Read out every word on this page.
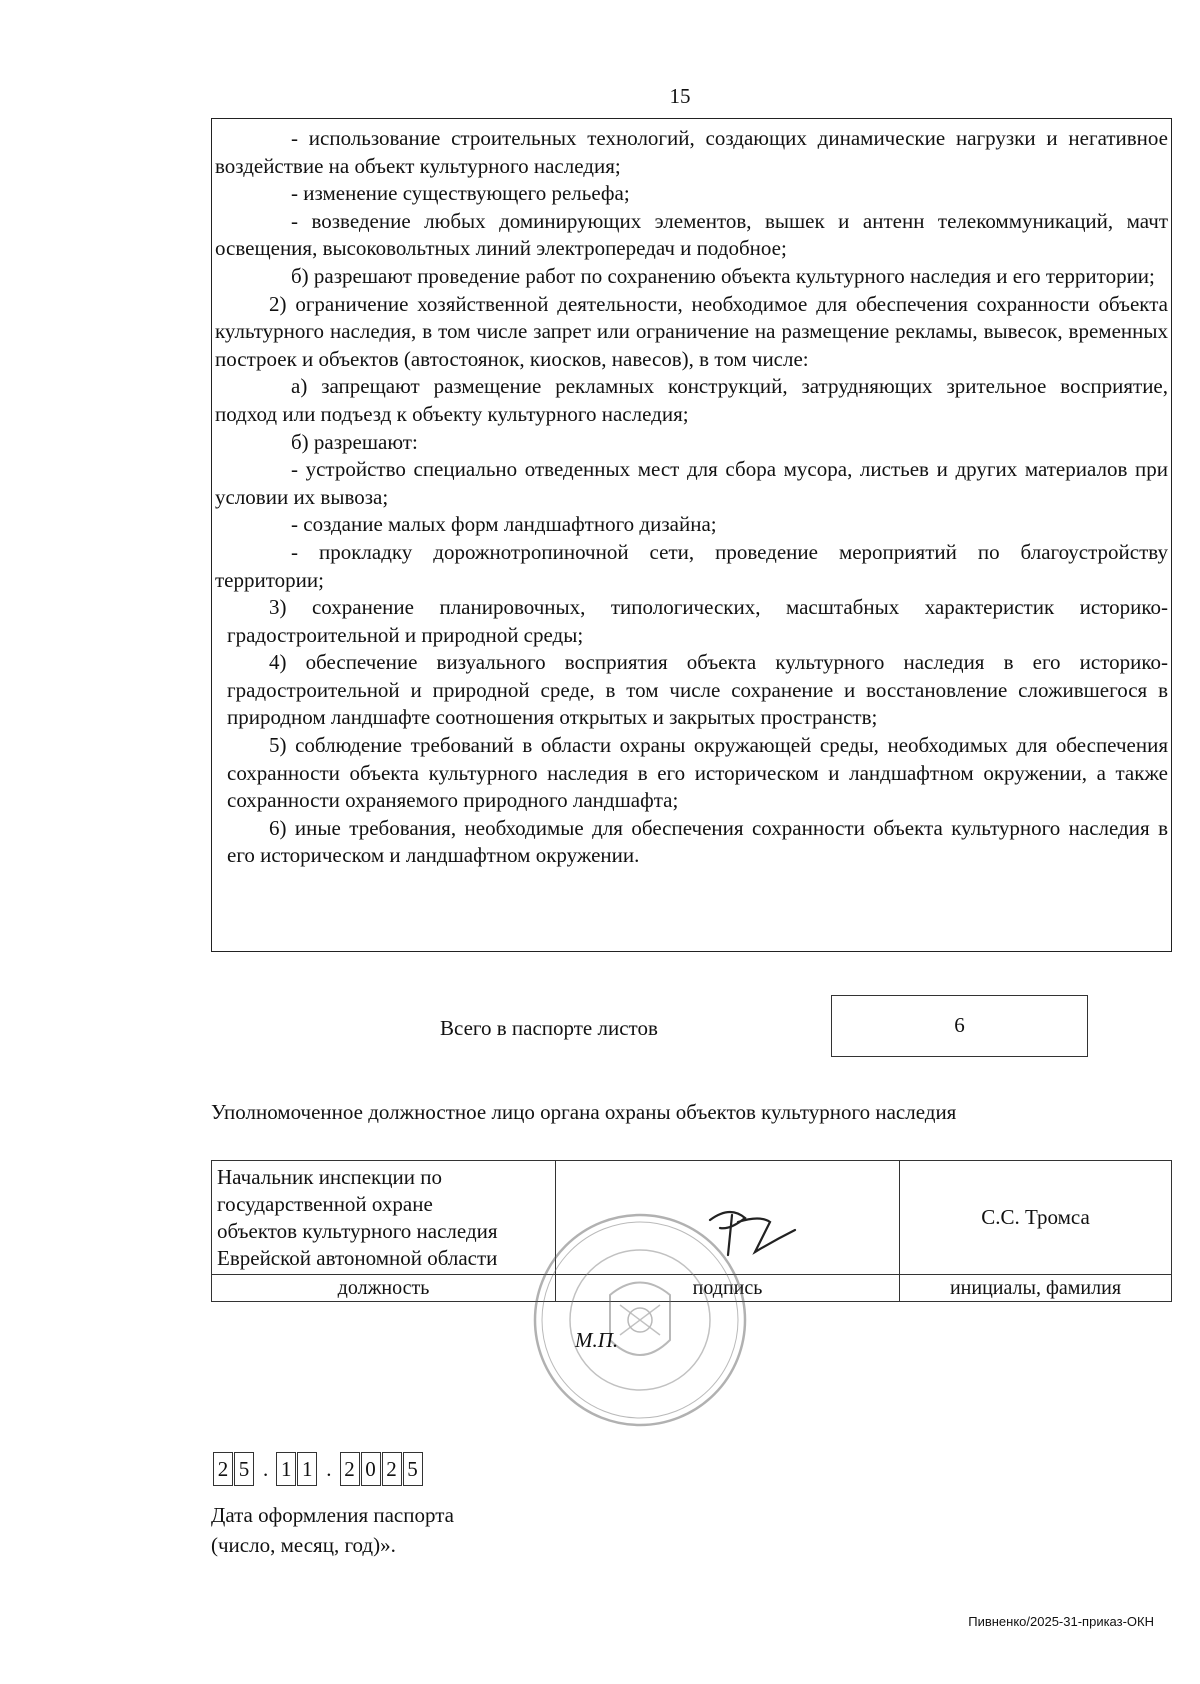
15

- использование строительных технологий, создающих динамические нагрузки и негативное воздействие на объект культурного наследия;

- изменение существующего рельефа;

- возведение любых доминирующих элементов, вышек и антенн телекоммуникаций, мачт освещения, высоковольтных линий электропередач и подобное;

б) разрешают проведение работ по сохранению объекта культурного наследия и его территории;

2) ограничение хозяйственной деятельности, необходимое для обеспечения сохранности объекта культурного наследия, в том числе запрет или ограничение на размещение рекламы, вывесок, временных построек и объектов (автостоянок, киосков, навесов), в том числе:

а) запрещают размещение рекламных конструкций, затрудняющих зрительное восприятие, подход или подъезд к объекту культурного наследия;

б) разрешают:

- устройство специально отведенных мест для сбора мусора, листьев и других материалов при условии их вывоза;

- создание малых форм ландшафтного дизайна;

- прокладку дорожнотропиночной сети, проведение мероприятий по благоустройству территории;

3) сохранение планировочных, типологических, масштабных характеристик историко-градостроительной и природной среды;

4) обеспечение визуального восприятия объекта культурного наследия в его историко-градостроительной и природной среде, в том числе сохранение и восстановление сложившегося в природном ландшафте соотношения открытых и закрытых пространств;

5) соблюдение требований в области охраны окружающей среды, необходимых для обеспечения сохранности объекта культурного наследия в его историческом и ландшафтном окружении, а также сохранности охраняемого природного ландшафта;

6) иные требования, необходимые для обеспечения сохранности объекта культурного наследия в его историческом и ландшафтном окружении.

Всего в паспорте листов	6
Уполномоченное должностное лицо органа охраны объектов культурного наследия
Начальник инспекции по
государственной охране
объектов культурного наследия
Еврейской автономной области		С.С. Тромса
должность	подпись	инициалы, фамилия
М.П.
2 5 . 1 1 . 2 0 2 5
Дата оформления паспорта
(число, месяц, год)».
Пивненко/2025-31-приказ-ОКН
